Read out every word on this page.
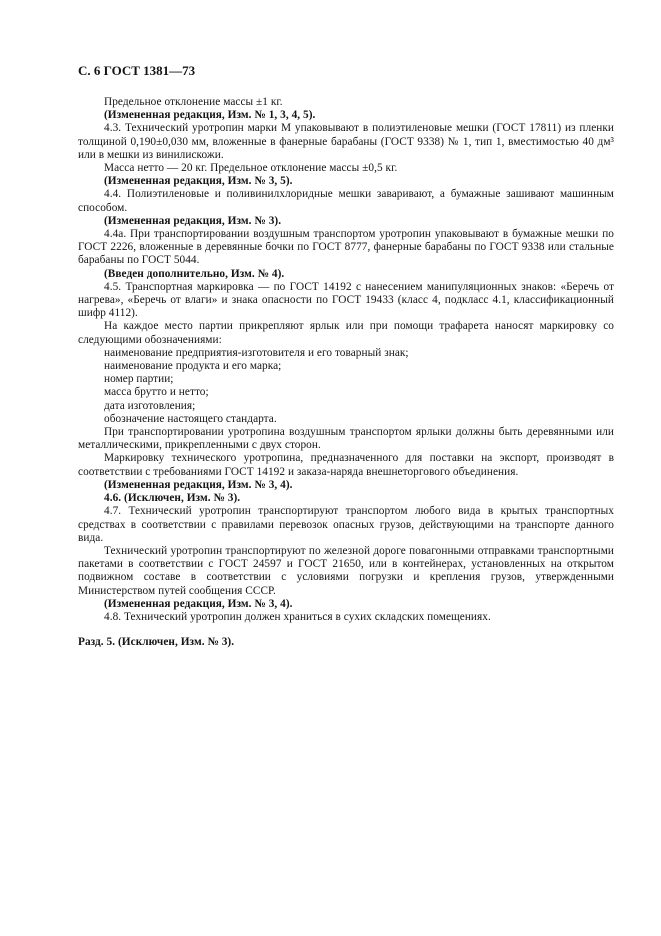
С. 6 ГОСТ 1381—73

Предельное отклонение массы ±1 кг.

(Измененная редакция, Изм. № 1, 3, 4, 5).

4.3. Технический уротропин марки М упаковывают в полиэтиленовые мешки (ГОСТ 17811) из пленки толщиной 0,190±0,030 мм, вложенные в фанерные барабаны (ГОСТ 9338) № 1, тип 1, вместимостью 40 дм³ или в мешки из винилискожи.

Масса нетто — 20 кг. Предельное отклонение массы ±0,5 кг.

(Измененная редакция, Изм. № 3, 5).

4.4. Полиэтиленовые и поливинилхлоридные мешки заваривают, а бумажные зашивают машинным способом.

(Измененная редакция, Изм. № 3).

4.4а. При транспортировании воздушным транспортом уротропин упаковывают в бумажные мешки по ГОСТ 2226, вложенные в деревянные бочки по ГОСТ 8777, фанерные барабаны по ГОСТ 9338 или стальные барабаны по ГОСТ 5044.

(Введен дополнительно, Изм. № 4).

4.5. Транспортная маркировка — по ГОСТ 14192 с нанесением манипуляционных знаков: «Беречь от нагрева», «Беречь от влаги» и знака опасности по ГОСТ 19433 (класс 4, подкласс 4.1, классификационный шифр 4112).

На каждое место партии прикрепляют ярлык или при помощи трафарета наносят маркировку со следующими обозначениями:

наименование предприятия-изготовителя и его товарный знак;

наименование продукта и его марка;

номер партии;

масса брутто и нетто;

дата изготовления;

обозначение настоящего стандарта.

При транспортировании уротропина воздушным транспортом ярлыки должны быть деревянными или металлическими, прикрепленными с двух сторон.

Маркировку технического уротропина, предназначенного для поставки на экспорт, производят в соответствии с требованиями ГОСТ 14192 и заказа-наряда внешнеторгового объединения.

(Измененная редакция, Изм. № 3, 4).

4.6. (Исключен, Изм. № 3).

4.7. Технический уротропин транспортируют транспортом любого вида в крытых транспортных средствах в соответствии с правилами перевозок опасных грузов, действующими на транспорте данного вида.

Технический уротропин транспортируют по железной дороге повагонными отправками транспортными пакетами в соответствии с ГОСТ 24597 и ГОСТ 21650, или в контейнерах, установленных на открытом подвижном составе в соответствии с условиями погрузки и крепления грузов, утвержденными Министерством путей сообщения СССР.

(Измененная редакция, Изм. № 3, 4).

4.8. Технический уротропин должен храниться в сухих складских помещениях.

Разд. 5. (Исключен, Изм. № 3).
